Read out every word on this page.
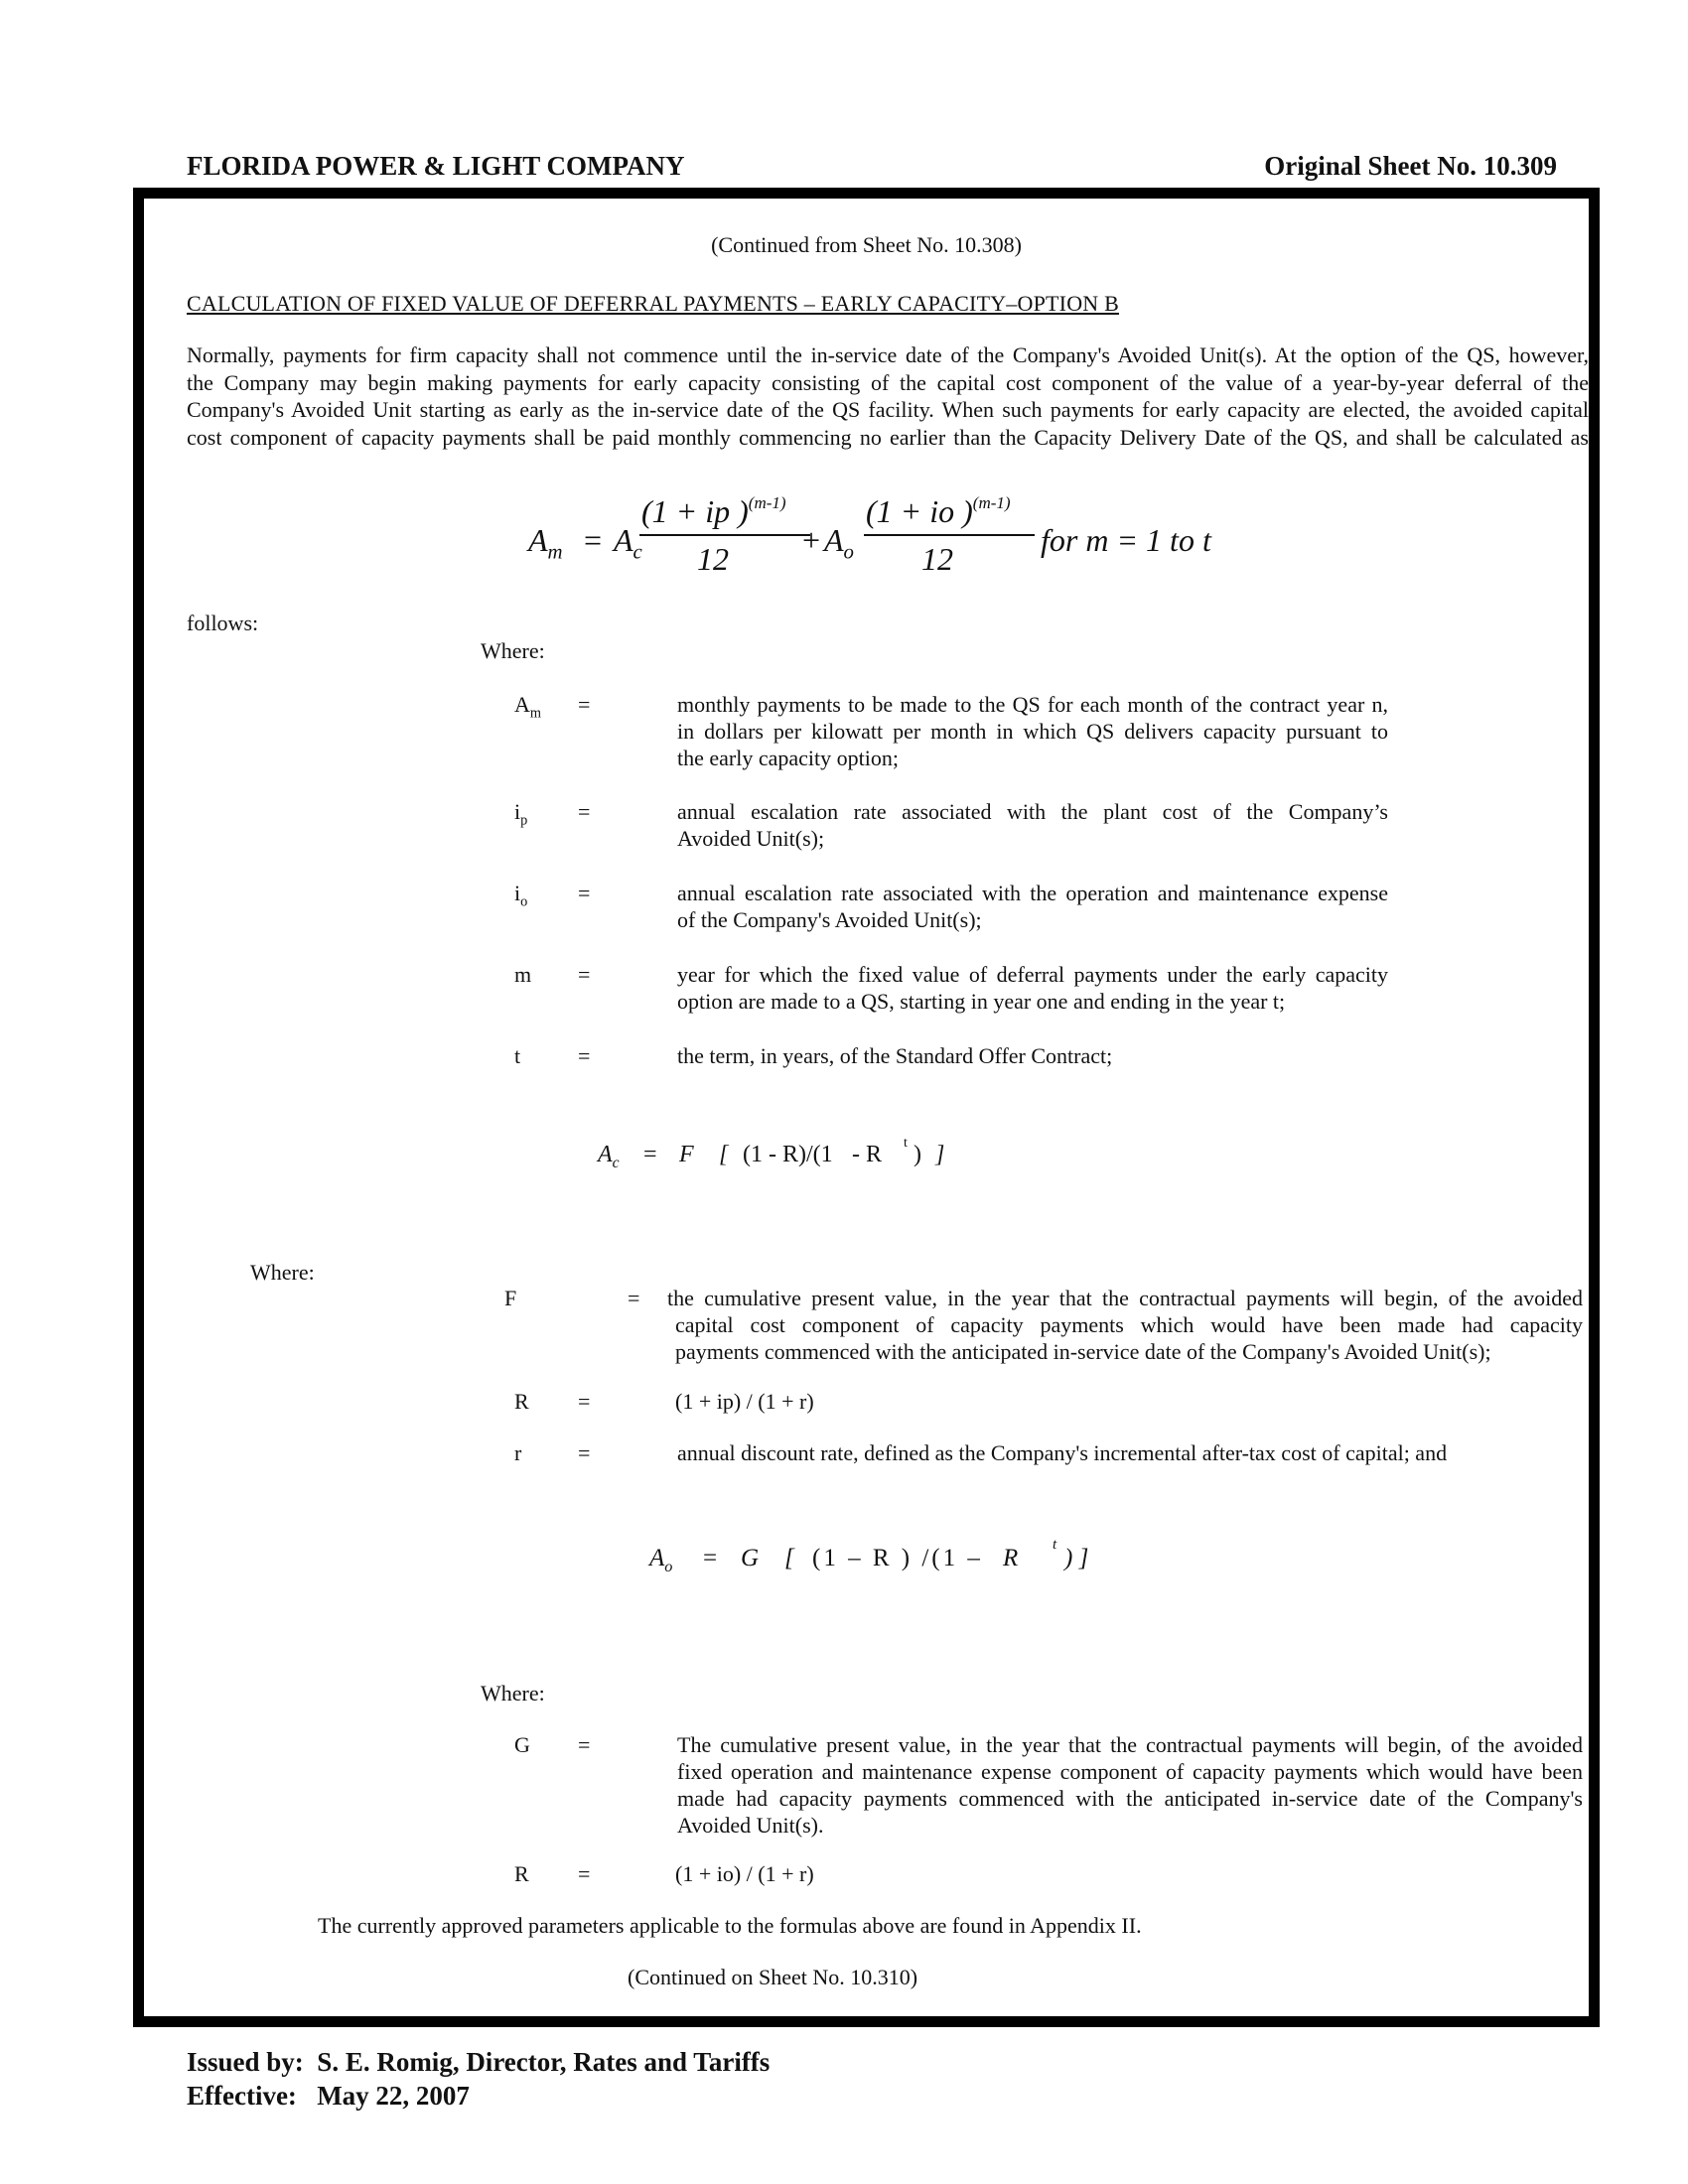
FLORIDA POWER & LIGHT COMPANY	Original Sheet No. 10.309
(Continued from Sheet No. 10.308)
CALCULATION OF FIXED VALUE OF DEFERRAL PAYMENTS – EARLY CAPACITY–OPTION B
Normally, payments for firm capacity shall not commence until the in-service date of the Company's Avoided Unit(s). At the option of the QS, however,
the Company may begin making payments for early capacity consisting of the capital cost component of the value of a year-by-year deferral of the
Company's Avoided Unit starting as early as the in-service date of the QS facility. When such payments for early capacity are elected, the avoided capital
cost component of capacity payments shall be paid monthly commencing no earlier than the Capacity Delivery Date of the QS, and shall be calculated as
$A_m = A_c$
(1 + ip )$^{(m-1)}$
12
+ $A_o$
(1 + io )$^{(m-1)}$
12
for m = 1 to t
follows:
Where:
$A_m$ =	monthly payments to be made to the QS for each month of the contract year n,
in dollars per kilowatt per month in which QS delivers capacity pursuant to
the early capacity option;
$i_p$ =	annual escalation rate associated with the plant cost of the Company’s
Avoided Unit(s);
$i_o$ =	annual escalation rate associated with the operation and maintenance expense
of the Company's Avoided Unit(s);
m =	year for which the fixed value of deferral payments under the early capacity
option are made to a QS, starting in year one and ending in the year t;
t	=	the term, in years, of the Standard Offer Contract;
$A_c = F$ [ (1 - R)/(1 - R t ) ]
Where:
F	= the cumulative present value, in the year that the contractual payments will begin, of the avoided
capital cost component of capacity payments which would have been made had capacity
payments commenced with the anticipated in-service date of the Company's Avoided Unit(s);
R =	(1 + ip) / (1 + r)
r	=	annual discount rate, defined as the Company's incremental after-tax cost of capital; and
$A_o = G$ [ (1 – R ) /(1 – R t ) ]
Where:
G =	The cumulative present value, in the year that the contractual payments will begin, of the avoided
fixed operation and maintenance expense component of capacity payments which would have been
made had capacity payments commenced with the anticipated in-service date of the Company's
Avoided Unit(s).
R =	(1 + io) / (1 + r)
The currently approved parameters applicable to the formulas above are found in Appendix II.
(Continued on Sheet No. 10.310)
Issued by: S. E. Romig, Director, Rates and Tariffs
Effective: May 22, 2007
